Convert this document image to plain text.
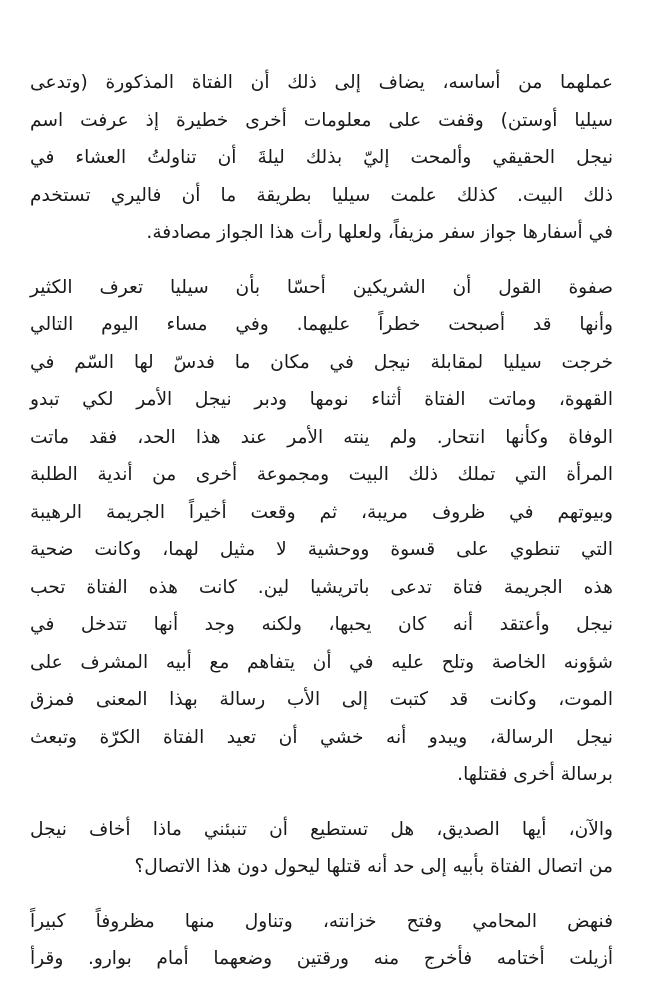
عملهما من أساسه، يضاف إلى ذلك أن الفتاة المذكورة (وتدعى
سيليا أوستن) وقفت على معلومات أخرى خطيرة إذ عرفت اسم
نيجل الحقيقي وألمحت إليّ بذلك ليلةَ أن تناولتُ العشاء في
ذلك البيت. كذلك علمت سيليا بطريقة ما أن فاليري تستخدم
في أسفارها جواز سفر مزيفاً، ولعلها رأت هذا الجواز مصادفة.
صفوة القول أن الشريكين أحسّا بأن سيليا تعرف الكثير
وأنها قد أصبحت خطراً عليهما. وفي مساء اليوم التالي
خرجت سيليا لمقابلة نيجل في مكان ما فدسّ لها السّم في
القهوة، وماتت الفتاة أثناء نومها ودبر نيجل الأمر لكي تبدو
الوفاة وكأنها انتحار. ولم ينته الأمر عند هذا الحد، فقد ماتت
المرأة التي تملك ذلك البيت ومجموعة أخرى من أندية الطلبة
وبيوتهم في ظروف مريبة، ثم وقعت أخيراً الجريمة الرهيبة
التي تنطوي على قسوة ووحشية لا مثيل لهما، وكانت ضحية
هذه الجريمة فتاة تدعى باتريشيا لين. كانت هذه الفتاة تحب
نيجل وأعتقد أنه كان يحبها، ولكنه وجد أنها تتدخل في
شؤونه الخاصة وتلح عليه في أن يتفاهم مع أبيه المشرف على
الموت، وكانت قد كتبت إلى الأب رسالة بهذا المعنى فمزق
نيجل الرسالة، ويبدو أنه خشي أن تعيد الفتاة الكرّة وتبعث
برسالة أخرى فقتلها.
والآن، أيها الصديق، هل تستطيع أن تنبئني ماذا أخاف نيجل
من اتصال الفتاة بأبيه إلى حد أنه قتلها ليحول دون هذا الاتصال؟
فنهض المحامي وفتح خزانته، وتناول منها مظروفاً كبيراً
أزيلت أختامه فأخرج منه ورقتين وضعهما أمام بوارو. وقرأ
